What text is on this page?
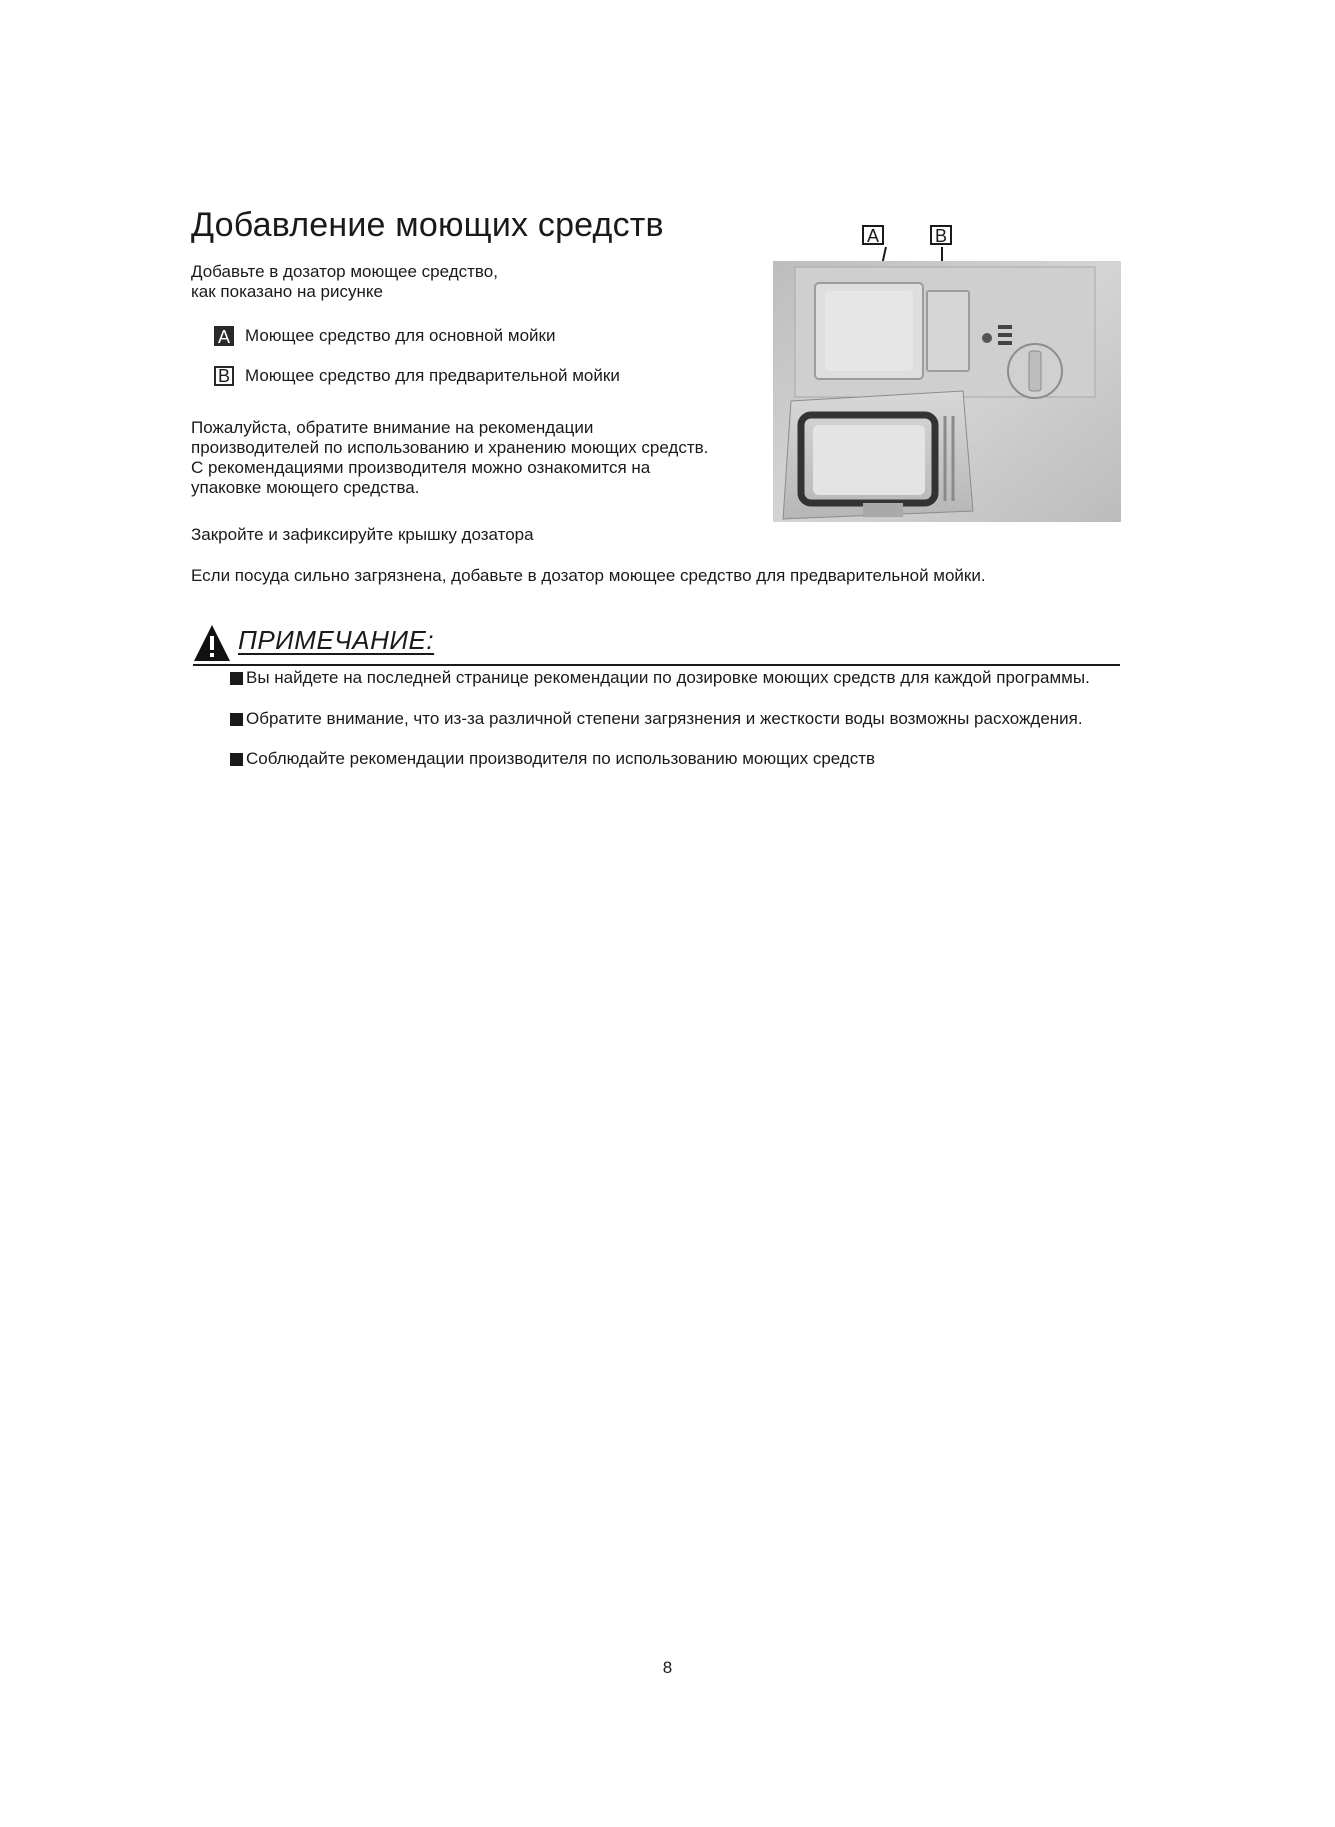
Добавление моющих средств

Добавьте в дозатор моющее средство,
как показано на рисунке

A Моющее средство для основной мойки
B Моющее средство для предварительной мойки

Пожалуйста, обратите внимание на рекомендации
производителей по использованию и хранению моющих средств.
С рекомендациями производителя можно ознакомится на
упаковке моющего средства.

Закройте и зафиксируйте крышку дозатора

Если посуда сильно загрязнена, добавьте в дозатор моющее средство для предварительной мойки.

A	B
ПРИМЕЧАНИЕ:
Вы найдете на последней странице рекомендации по дозировке моющих средств для каждой программы.
Обратите внимание, что из-за различной степени загрязнения и жесткости воды возможны расхождения.
Соблюдайте рекомендации производителя по использованию моющих средств
8
